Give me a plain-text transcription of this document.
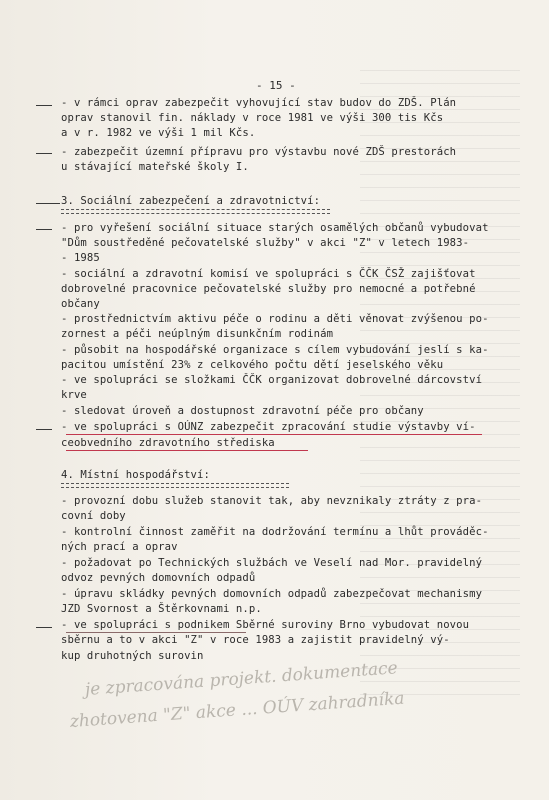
- 15 -
- v rámci oprav zabezpečit vyhovující stav budov do ZDŠ. Plán
oprav stanovil fin. náklady v roce 1981 ve výši 300 tis Kčs
a v r. 1982 ve výši 1 mil Kčs.
- zabezpečit územní přípravu pro výstavbu nové ZDŠ prestorách
u stávající mateřské školy I.
3. Sociální zabezpečení a zdravotnictví:
- pro vyřešení sociální situace starých osamělých občanů vybudovat
"Dům soustředěné pečovatelské služby" v akci "Z" v letech 1983-
- 1985
- sociální a zdravotní komisí ve spolupráci s ČČK ČSŽ zajišťovat
dobrovelné pracovnice pečovatelské služby pro nemocné a potřebné
občany
- prostřednictvím aktivu péče o rodinu a děti věnovat zvýšenou po-
zornest a péči neúplným disunkčním rodinám
- působit na hospodářské organizace s cílem vybudování jeslí s ka-
pacitou umístění 23% z celkového počtu dětí jeselského věku
- ve spolupráci se složkami ČČK organizovat dobrovelné dárcovství
krve
- sledovat úroveň a dostupnost zdravotní péče pro občany
- ve spolupráci s OÚNZ zabezpečit zpracování studie výstavby ví-
ceobvedního zdravotního střediska
4. Místní hospodářství:
- provozní dobu služeb stanovit tak, aby nevznikaly ztráty z pra-
covní doby
- kontrolní činnost zaměřit na dodržování termínu a lhůt prováděc-
ných prací a oprav
- požadovat po Technických službách ve Veselí nad Mor. pravidelný
odvoz pevných domovních odpadů
- úpravu skládky pevných domovních odpadů zabezpečovat mechanismy
JZD Svornost a Štěrkovnami n.p.
- ve spolupráci s podnikem Sběrné suroviny Brno vybudovat novou
sběrnu a to v akci "Z" v roce 1983 a zajistit pravidelný vý-
kup druhotných surovin
je zpracována projekt. dokumentace
zhotovena "Z" akce ... OÚV zahradníka
